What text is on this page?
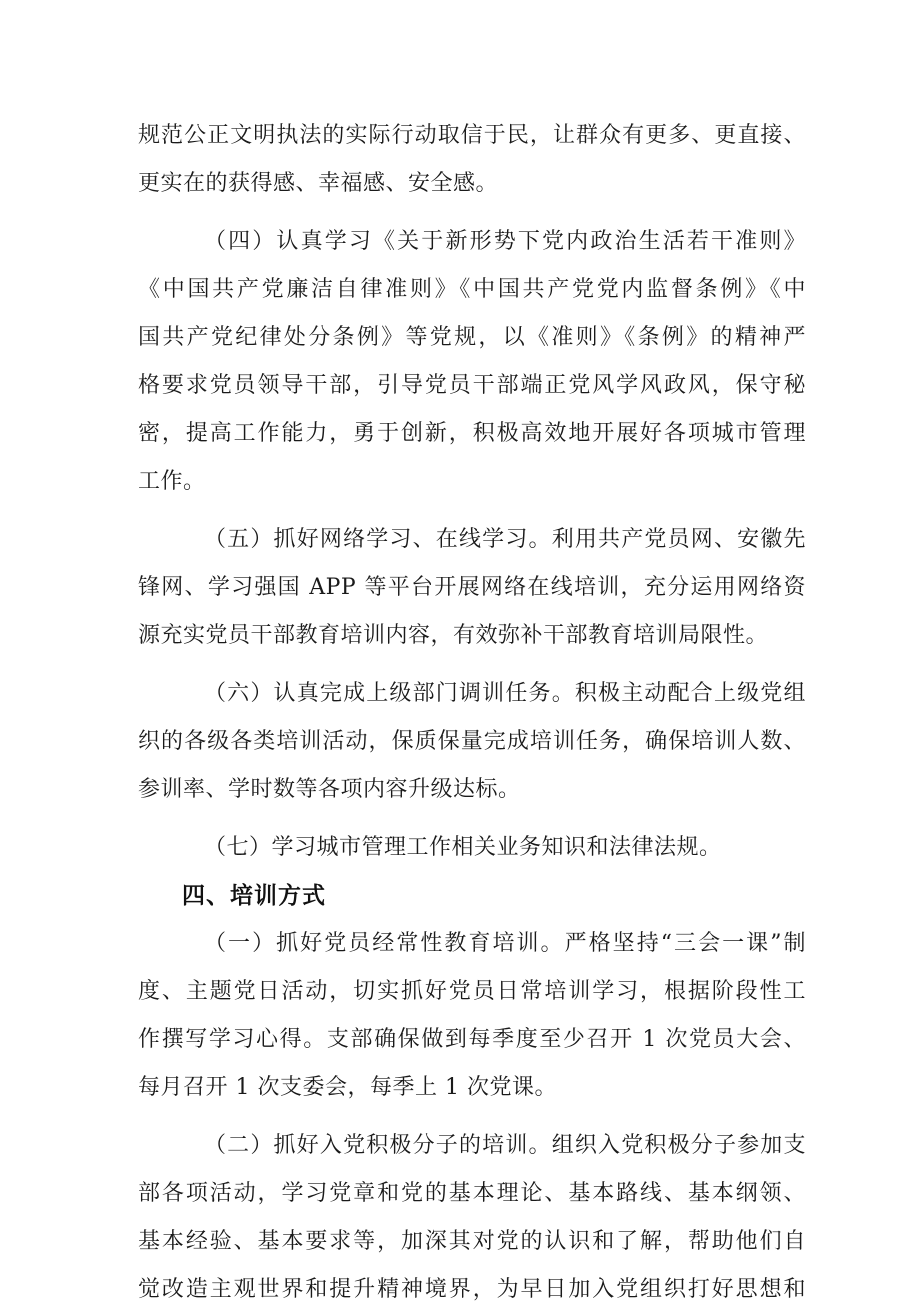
规范公正文明执法的实际行动取信于民，让群众有更多、更直接、
更实在的获得感、幸福感、安全感。
（四）认真学习《关于新形势下党内政治生活若干准则》
《中国共产党廉洁自律准则》《中国共产党党内监督条例》《中
国共产党纪律处分条例》等党规，以《准则》《条例》的精神严
格要求党员领导干部，引导党员干部端正党风学风政风，保守秘
密，提高工作能力，勇于创新，积极高效地开展好各项城市管理
工作。
（五）抓好网络学习、在线学习。利用共产党员网、安徽先
锋网、学习强国 APP 等平台开展网络在线培训，充分运用网络资
源充实党员干部教育培训内容，有效弥补干部教育培训局限性。
（六）认真完成上级部门调训任务。积极主动配合上级党组
织的各级各类培训活动，保质保量完成培训任务，确保培训人数、
参训率、学时数等各项内容升级达标。
（七）学习城市管理工作相关业务知识和法律法规。
四、培训方式
（一）抓好党员经常性教育培训。严格坚持“三会一课”制
度、主题党日活动，切实抓好党员日常培训学习，根据阶段性工
作撰写学习心得。支部确保做到每季度至少召开 1 次党员大会、
每月召开 1 次支委会，每季上 1 次党课。
（二）抓好入党积极分子的培训。组织入党积极分子参加支
部各项活动，学习党章和党的基本理论、基本路线、基本纲领、
基本经验、基本要求等，加深其对党的认识和了解，帮助他们自
觉改造主观世界和提升精神境界，为早日加入党组织打好思想和
